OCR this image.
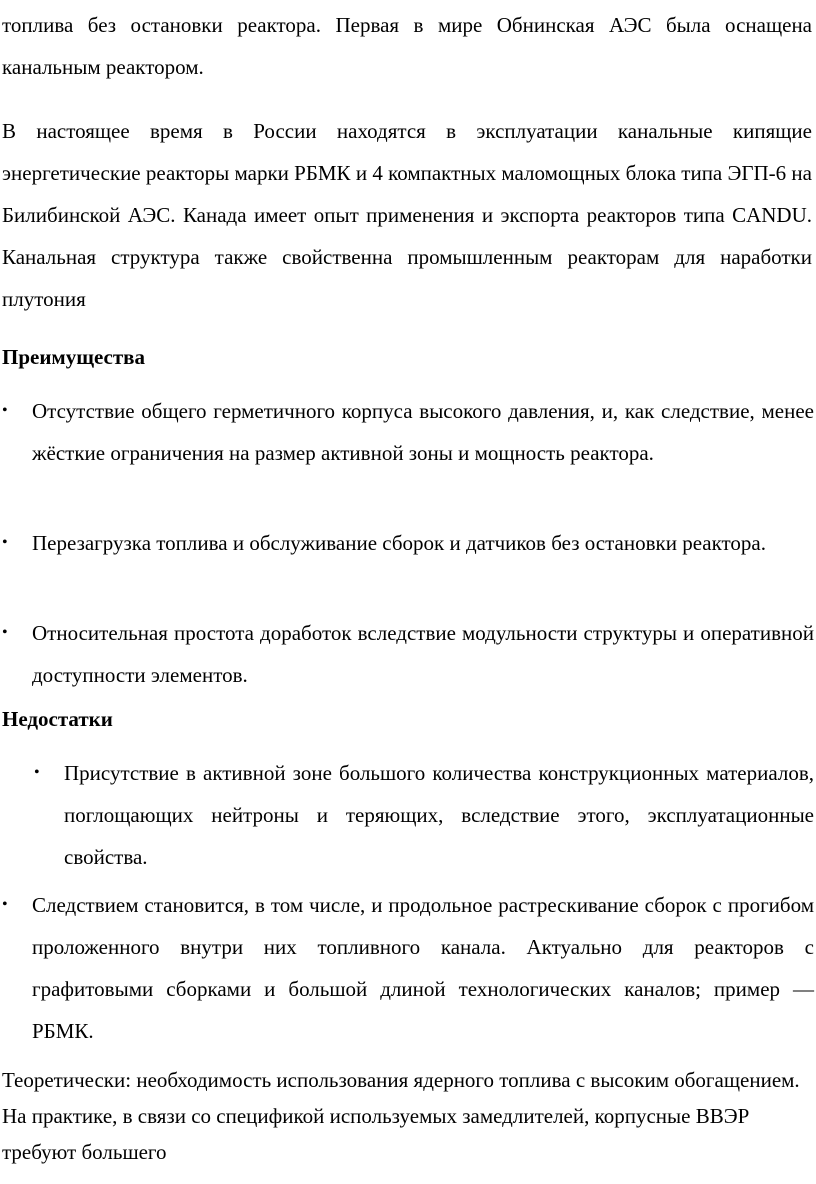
топлива без остановки реактора. Первая в мире Обнинская АЭС была оснащена канальным реактором.

В настоящее время в России находятся в эксплуатации канальные кипящие энергетические реакторы марки РБМК и 4 компактных маломощных блока типа ЭГП-6 на Билибинской АЭС. Канада имеет опыт применения и экспорта реакторов типа CANDU. Канальная структура также свойственна промышленным реакторам для наработки плутония

Преимущества
•	Отсутствие общего герметичного корпуса высокого давления, и, как следствие, менее жёсткие ограничения на размер активной зоны и мощность реактора.
•	Перезагрузка топлива и обслуживание сборок и датчиков без остановки реактора.
•	Относительная простота доработок вследствие модульности структуры и оперативной доступности элементов.
Недостатки
•	Присутствие в активной зоне большого количества конструкционных материалов, поглощающих нейтроны и теряющих, вследствие этого, эксплуатационные свойства.
•	Следствием становится, в том числе, и продольное растрескивание сборок с прогибом проложенного внутри них топливного канала. Актуально для реакторов с графитовыми сборками и большой длиной технологических каналов; пример — РБМК.

Теоретически: необходимость использования ядерного топлива с высоким обогащением. На практике, в связи со спецификой используемых замедлителей, корпусные ВВЭР требуют большего
